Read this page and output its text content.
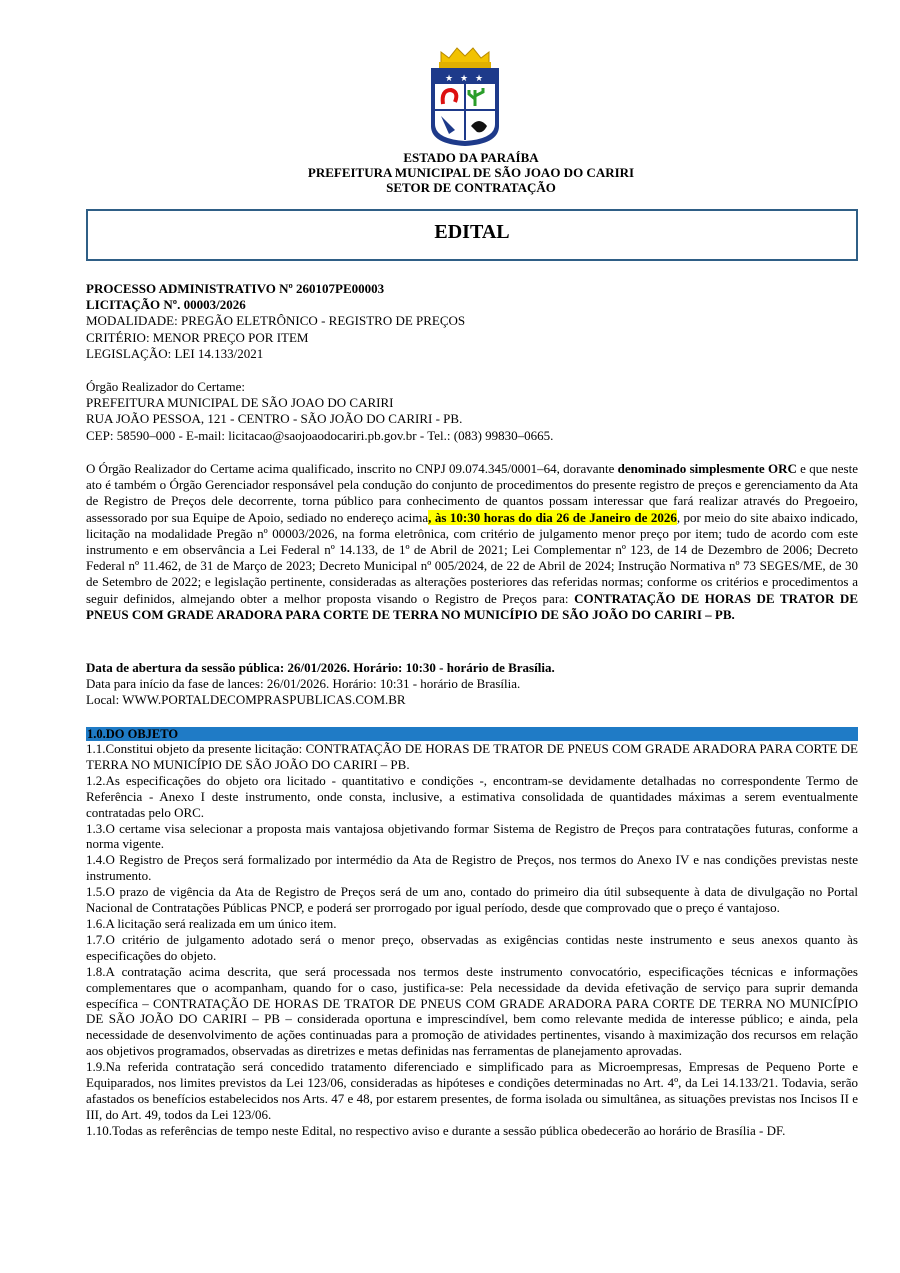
★ ★ ★
ESTADO DA PARAÍBA
PREFEITURA MUNICIPAL DE SÃO JOAO DO CARIRI
SETOR DE CONTRATAÇÃO
EDITAL
PROCESSO ADMINISTRATIVO Nº 260107PE00003
LICITAÇÃO Nº. 00003/2026
MODALIDADE: PREGÃO ELETRÔNICO - REGISTRO DE PREÇOS
CRITÉRIO: MENOR PREÇO POR ITEM
LEGISLAÇÃO: LEI 14.133/2021
Órgão Realizador do Certame:
PREFEITURA MUNICIPAL DE SÃO JOAO DO CARIRI
RUA JOÃO PESSOA, 121 - CENTRO - SÃO JOÃO DO CARIRI - PB.
CEP: 58590–000 - E-mail: licitacao@saojoaodocariri.pb.gov.br - Tel.: (083) 99830–0665.
O Órgão Realizador do Certame acima qualificado, inscrito no CNPJ 09.074.345/0001–64, doravante denominado simplesmente ORC e que neste ato é também o Órgão Gerenciador responsável pela condução do conjunto de procedimentos do presente registro de preços e gerenciamento da Ata de Registro de Preços dele decorrente, torna público para conhecimento de quantos possam interessar que fará realizar através do Pregoeiro, assessorado por sua Equipe de Apoio, sediado no endereço acima, às 10:30 horas do dia 26 de Janeiro de 2026, por meio do site abaixo indicado, licitação na modalidade Pregão nº 00003/2026, na forma eletrônica, com critério de julgamento menor preço por item; tudo de acordo com este instrumento e em observância a Lei Federal nº 14.133, de 1º de Abril de 2021; Lei Complementar nº 123, de 14 de Dezembro de 2006; Decreto Federal nº 11.462, de 31 de Março de 2023; Decreto Municipal nº 005/2024, de 22 de Abril de 2024; Instrução Normativa nº 73 SEGES/ME, de 30 de Setembro de 2022; e legislação pertinente, consideradas as alterações posteriores das referidas normas; conforme os critérios e procedimentos a seguir definidos, almejando obter a melhor proposta visando o Registro de Preços para: CONTRATAÇÃO DE HORAS DE TRATOR DE PNEUS COM GRADE ARADORA PARA CORTE DE TERRA NO MUNICÍPIO DE SÃO JOÃO DO CARIRI – PB.
Data de abertura da sessão pública: 26/01/2026. Horário: 10:30 - horário de Brasília.
Data para início da fase de lances: 26/01/2026. Horário: 10:31 - horário de Brasília.
Local: WWW.PORTALDECOMPRASPUBLICAS.COM.BR
1.0.DO OBJETO
1.1.Constitui objeto da presente licitação: CONTRATAÇÃO DE HORAS DE TRATOR DE PNEUS COM GRADE ARADORA PARA CORTE DE TERRA NO MUNICÍPIO DE SÃO JOÃO DO CARIRI – PB.
1.2.As especificações do objeto ora licitado - quantitativo e condições -, encontram-se devidamente detalhadas no correspondente Termo de Referência - Anexo I deste instrumento, onde consta, inclusive, a estimativa consolidada de quantidades máximas a serem eventualmente contratadas pelo ORC.
1.3.O certame visa selecionar a proposta mais vantajosa objetivando formar Sistema de Registro de Preços para contratações futuras, conforme a norma vigente.
1.4.O Registro de Preços será formalizado por intermédio da Ata de Registro de Preços, nos termos do Anexo IV e nas condições previstas neste instrumento.
1.5.O prazo de vigência da Ata de Registro de Preços será de um ano, contado do primeiro dia útil subsequente à data de divulgação no Portal Nacional de Contratações Públicas PNCP, e poderá ser prorrogado por igual período, desde que comprovado que o preço é vantajoso.
1.6.A licitação será realizada em um único item.
1.7.O critério de julgamento adotado será o menor preço, observadas as exigências contidas neste instrumento e seus anexos quanto às especificações do objeto.
1.8.A contratação acima descrita, que será processada nos termos deste instrumento convocatório, especificações técnicas e informações complementares que o acompanham, quando for o caso, justifica-se: Pela necessidade da devida efetivação de serviço para suprir demanda específica – CONTRATAÇÃO DE HORAS DE TRATOR DE PNEUS COM GRADE ARADORA PARA CORTE DE TERRA NO MUNICÍPIO DE SÃO JOÃO DO CARIRI – PB – considerada oportuna e imprescindível, bem como relevante medida de interesse público; e ainda, pela necessidade de desenvolvimento de ações continuadas para a promoção de atividades pertinentes, visando à maximização dos recursos em relação aos objetivos programados, observadas as diretrizes e metas definidas nas ferramentas de planejamento aprovadas.
1.9.Na referida contratação será concedido tratamento diferenciado e simplificado para as Microempresas, Empresas de Pequeno Porte e Equiparados, nos limites previstos da Lei 123/06, consideradas as hipóteses e condições determinadas no Art. 4º, da Lei 14.133/21. Todavia, serão afastados os benefícios estabelecidos nos Arts. 47 e 48, por estarem presentes, de forma isolada ou simultânea, as situações previstas nos Incisos II e III, do Art. 49, todos da Lei 123/06.
1.10.Todas as referências de tempo neste Edital, no respectivo aviso e durante a sessão pública obedecerão ao horário de Brasília - DF.
